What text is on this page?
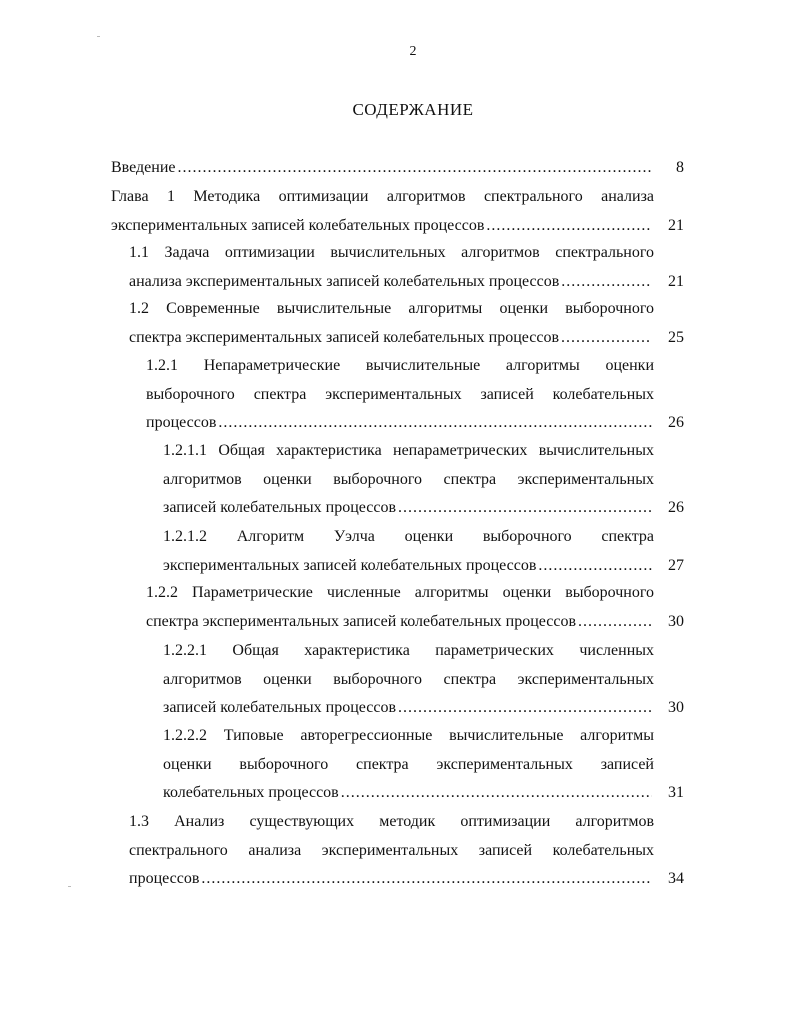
2
СОДЕРЖАНИЕ
Введение .....	8
Глава 1 Методика оптимизации алгоритмов спектрального анализа
экспериментальных записей колебательных процессов .....	21
1.1 Задача оптимизации вычислительных алгоритмов спектрального
анализа экспериментальных записей колебательных процессов .....	21
1.2 Современные вычислительные алгоритмы оценки выборочного
спектра экспериментальных записей колебательных процессов .....	25
1.2.1 Непараметрические вычислительные алгоритмы оценки
выборочного спектра экспериментальных записей колебательных
процессов .....	26
1.2.1.1 Общая характеристика непараметрических вычислительных
алгоритмов оценки выборочного спектра экспериментальных
записей колебательных процессов .....	26
1.2.1.2 Алгоритм Уэлча оценки выборочного спектра
экспериментальных записей колебательных процессов .....	27
1.2.2 Параметрические численные алгоритмы оценки выборочного
спектра экспериментальных записей колебательных процессов .....	30
1.2.2.1 Общая характеристика параметрических численных
алгоритмов оценки выборочного спектра экспериментальных
записей колебательных процессов .....	30
1.2.2.2 Типовые авторегрессионные вычислительные алгоритмы
оценки выборочного спектра экспериментальных записей
колебательных процессов .....	31
1.3 Анализ существующих методик оптимизации алгоритмов
спектрального анализа экспериментальных записей колебательных
процессов .....	34
